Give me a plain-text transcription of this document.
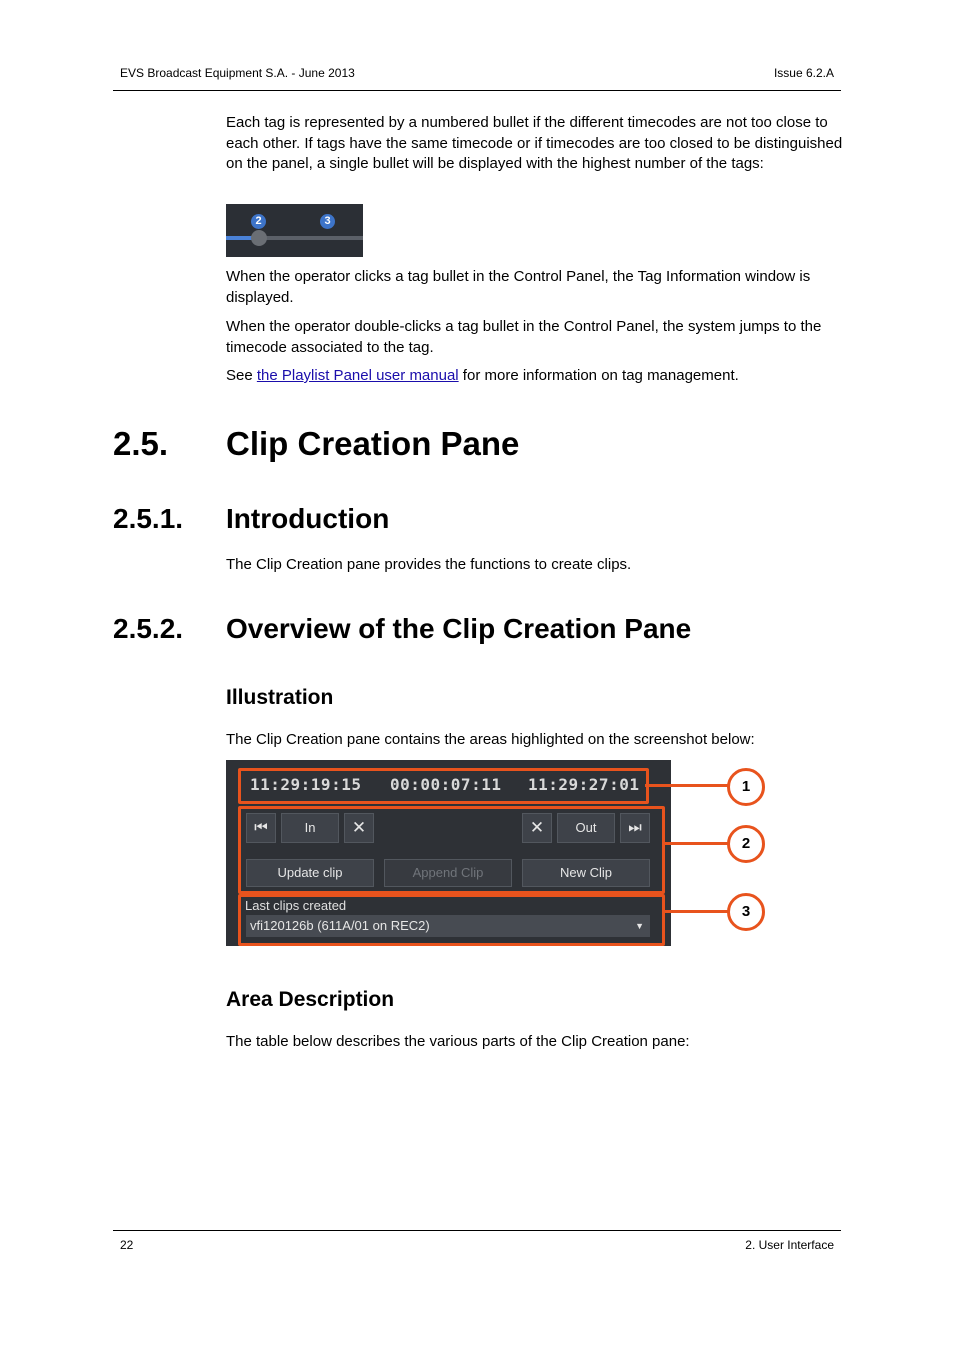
EVS Broadcast Equipment S.A. - June 2013	Issue 6.2.A
Each tag is represented by a numbered bullet if the different timecodes are not too close to each other. If tags have the same timecode or if timecodes are too closed to be distinguished on the panel, a single bullet will be displayed with the highest number of the tags:
2	3
When the operator clicks a tag bullet in the Control Panel, the Tag Information window is displayed.
When the operator double-clicks a tag bullet in the Control Panel, the system jumps to the timecode associated to the tag.
See the Playlist Panel user manual for more information on tag management.
2.5. Clip Creation Pane
2.5.1. Introduction
The Clip Creation pane provides the functions to create clips.
2.5.2. Overview of the Clip Creation Pane
Illustration
The Clip Creation pane contains the areas highlighted on the screenshot below:
11:29:19:15 00:00:07:11 11:29:27:01
⏮	In	✕	✕	Out	⏭
Update clip	Append Clip	New Clip
Last clips created
vfi120126b (611A/01 on REC2)	▼
1
2
3
Area Description
The table below describes the various parts of the Clip Creation pane:
22	2. User Interface
